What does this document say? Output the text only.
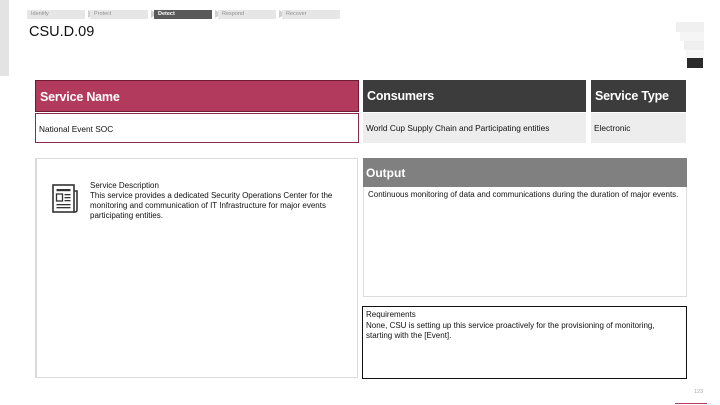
Identify	Protect	Detect	Respond	Recover
CSU.D.09
Service Name	Consumers	Service Type
National Event SOC	World Cup Supply Chain and Participating entities	Electronic
Service Description
This service provides a dedicated Security Operations Center for the monitoring and communication of IT Infrastructure for major events participating entities.
Output
Continuous monitoring of data and communications during the duration of major events.
Requirements
None, CSU is setting up this service proactively for the provisioning of monitoring, starting with the [Event].
123
